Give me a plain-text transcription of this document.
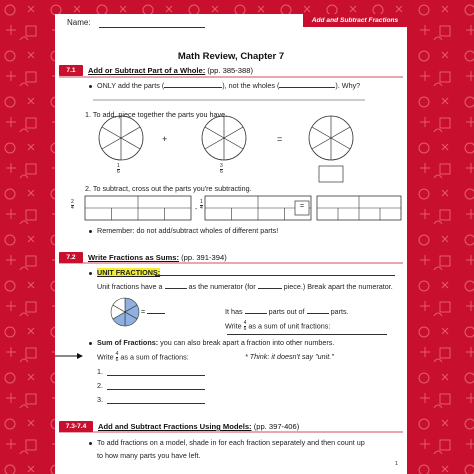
Name:	Add and Subtract Fractions
Math Review, Chapter 7
7.1	Add or Subtract Part of a Whole: (pp. 385-388)
ONLY add the parts (	), not the wholes (	). Why?
1. To add, piece together the parts you have.
+	=
$\frac{1}{6}$	$\frac{3}{6}$
2. To subtract, cross out the parts you're subtracting.
$\frac{2}{4}$	- $\frac{1}{4}$	=
Remember: do not add/subtract wholes of different parts!
7.2	Write Fractions as Sums: (pp. 391-394)
UNIT FRACTIONS:
Unit fractions have a	as the numerator (for	piece.) Break apart the numerator.
=	It has	parts out of	parts.
Write $\frac{4}{6}$ as a sum of unit fractions:
Sum of Fractions: you can also break apart a fraction into other numbers.
Write $\frac{4}{6}$ as a sum of fractions:	* Think: it doesn't say "unit."
1.
2.
3.
7.3-7.4	Add and Subtract Fractions Using Models: (pp. 397-406)
To add fractions on a model, shade in for each fraction separately and then count up
to how many parts you have left.
1
